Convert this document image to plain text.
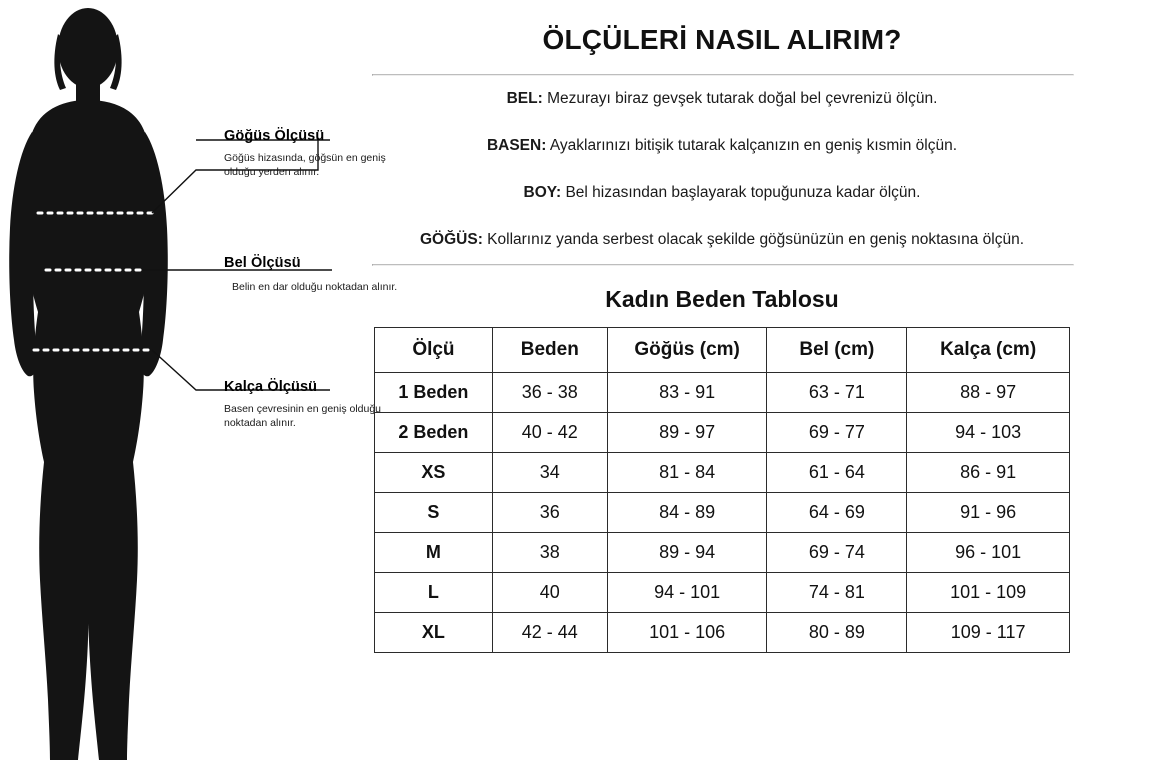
Göğüs Ölçüsü

Göğüs hizasında, göğsün en geniş olduğu yerden alınır.

Bel Ölçüsü

Belin en dar olduğu noktadan alınır.

Kalça Ölçüsü

Basen çevresinin en geniş olduğu noktadan alınır.

ÖLÇÜLERİ NASIL ALIRIM?
BEL: Mezurayı biraz gevşek tutarak doğal bel çevrenizü ölçün.
BASEN: Ayaklarınızı bitişik tutarak kalçanızın en geniş kısmin ölçün.
BOY: Bel hizasından başlayarak topuğunuza kadar ölçün.
GÖĞÜS: Kollarınız yanda serbest olacak şekilde göğsünüzün en geniş noktasına ölçün.
Kadın Beden Tablosu
Ölçü	Beden	Göğüs (cm)	Bel (cm)	Kalça (cm)
1 Beden	36 - 38	83 - 91	63 - 71	88 - 97
2 Beden	40 - 42	89 - 97	69 - 77	94 - 103
XS	34	81 - 84	61 - 64	86 - 91
S	36	84 - 89	64 - 69	91 - 96
M	38	89 - 94	69 - 74	96 - 101
L	40	94 - 101	74 - 81	101 - 109
XL	42 - 44	101 - 106	80 - 89	109 - 117
